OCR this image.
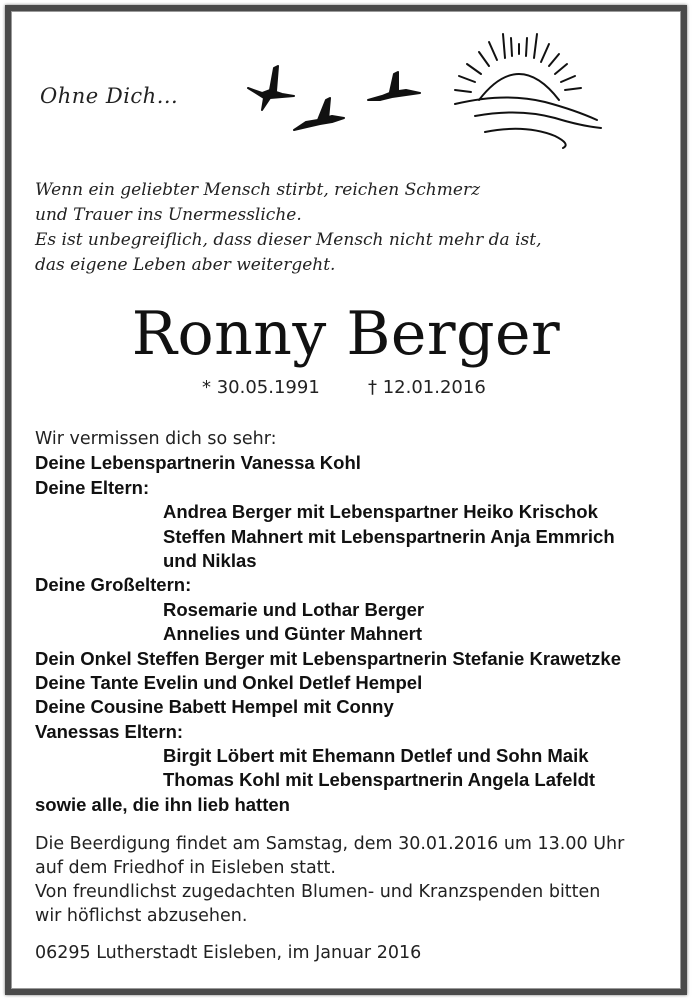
Ohne Dich...
Wenn ein geliebter Mensch stirbt, reichen Schmerz
und Trauer ins Unermessliche.
Es ist unbegreiflich, dass dieser Mensch nicht mehr da ist,
das eigene Leben aber weitergeht.
Ronny Berger
* 30.05.1991	† 12.01.2016
Wir vermissen dich so sehr:
Deine Lebenspartnerin Vanessa Kohl
Deine Eltern:
Andrea Berger mit Lebenspartner Heiko Krischok
Steffen Mahnert mit Lebenspartnerin Anja Emmrich
und Niklas
Deine Großeltern:
Rosemarie und Lothar Berger
Annelies und Günter Mahnert
Dein Onkel Steffen Berger mit Lebenspartnerin Stefanie Krawetzke
Deine Tante Evelin und Onkel Detlef Hempel
Deine Cousine Babett Hempel mit Conny
Vanessas Eltern:
Birgit Löbert mit Ehemann Detlef und Sohn Maik
Thomas Kohl mit Lebenspartnerin Angela Lafeldt
sowie alle, die ihn lieb hatten
Die Beerdigung findet am Samstag, dem 30.01.2016 um 13.00 Uhr
auf dem Friedhof in Eisleben statt.
Von freundlichst zugedachten Blumen- und Kranzspenden bitten
wir höflichst abzusehen.
06295 Lutherstadt Eisleben, im Januar 2016
